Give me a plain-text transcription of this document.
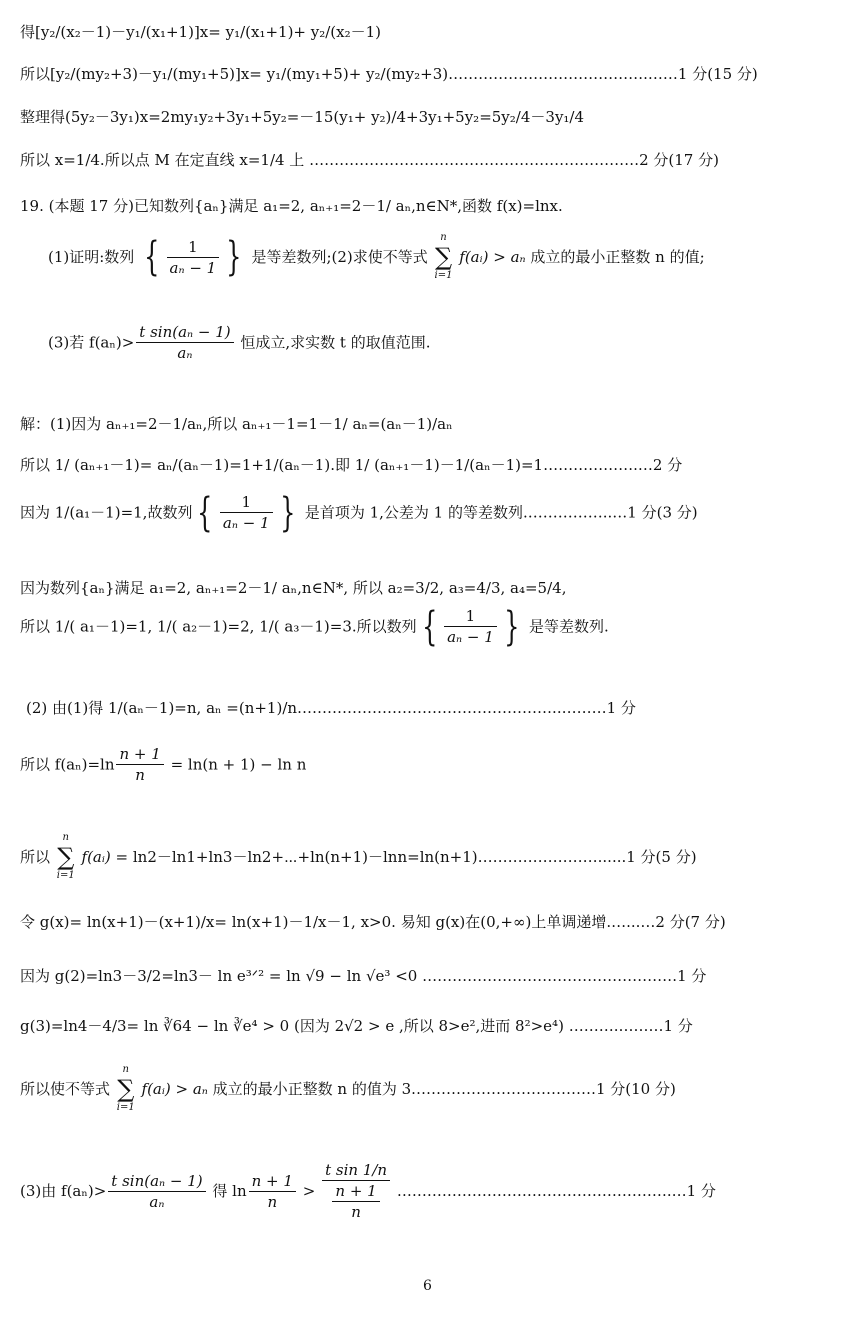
得[y₂/(x₂－1)－y₁/(x₁+1)]x= y₁/(x₁+1)+ y₂/(x₂－1)
所以[y₂/(my₂+3)－y₁/(my₁+5)]x= y₁/(my₁+5)+ y₂/(my₂+3)………………………………….……1 分(15 分)
整理得(5y₂－3y₁)x=2my₁y₂+3y₁+5y₂=－15(y₁+ y₂)/4+3y₁+5y₂=5y₂/4－3y₁/4
所以 x=1/4.所以点 M 在定直线 x=1/4 上 …………………………………………………………2 分(17 分)
19. (本题 17 分)已知数列{aₙ}满足 a₁=2, aₙ₊₁=2－1/ aₙ,n∈N*,函数 f(x)=lnx.
(1)证明:数列 { $\frac{1}{\text{aₙ − 1}}$ } 是等差数列;(2)求使不等式
n
∑
i=1
f(aᵢ) > aₙ 成立的最小正整数 n 的值;
(3)若 $f(a_n)> \frac{\text{t sin(aₙ − 1)}}{\text{aₙ}}$ 恒成立,求实数 t 的取值范围.
解：(1)因为 aₙ₊₁=2－1/aₙ,所以 aₙ₊₁－1=1－1/ aₙ=(aₙ－1)/aₙ
所以 1/ (aₙ₊₁－1)= aₙ/(aₙ－1)=1+1/(aₙ－1).即 1/ (aₙ₊₁－1)－1/(aₙ－1)=1……………….…2 分
因为 1/(a₁－1)=1,故数列 { $\frac{1}{\text{aₙ − 1}}$ } 是首项为 1,公差为 1 的等差数列.……………..…1 分(3 分)
因为数列{aₙ}满足 a₁=2, aₙ₊₁=2－1/ aₙ,n∈N*, 所以 a₂=3/2, a₃=4/3, a₄=5/4,
所以 1/( a₁－1)=1, 1/( a₂－1)=2, 1/( a₃－1)=3.所以数列 { $\frac{1}{\text{aₙ − 1}}$ } 是等差数列.
(2) 由(1)得 1/(aₙ－1)=n, aₙ =(n+1)/n……………………………………………..………1 分
所以 $f(a_n)=\ln \frac{n + 1}{n} = \ln(n + 1) - \ln n$
所以
n
∑
i=1
f(aᵢ) = ln2－ln1+ln3－ln2+⋯+ln(n+1)－lnn=ln(n+1)……………………......1 分(5 分)
令 g(x)= ln(x+1)－(x+1)/x= ln(x+1)－1/x－1, x>0. 易知 g(x)在(0,+∞)上单调递增.…...…2 分(7 分)
因为 g(2)=ln3－3/2=ln3－ ln e³ᐟ² = ln √9 − ln √e³ <0 ……………………………………………1 分
g(3)=ln4－4/3= ln ∛64 − ln ∛e⁴ > 0 (因为 2√2 > e ,所以 8>e²,进而 8²>e⁴) ……….………1 分
所以使不等式
n
∑
i=1
f(aᵢ) > aₙ 成立的最小正整数 n 的值为 3.………………………………1 分(10 分)
(3)由 $f(a_n)> \frac{\text{t sin(aₙ − 1)}}{\text{aₙ}}$ 得 $\ln \frac{n + 1}{n} > \frac{\text{t sin 1/n}}{\frac{n + 1}{n}}$ ……………………………………………….…1 分
6
